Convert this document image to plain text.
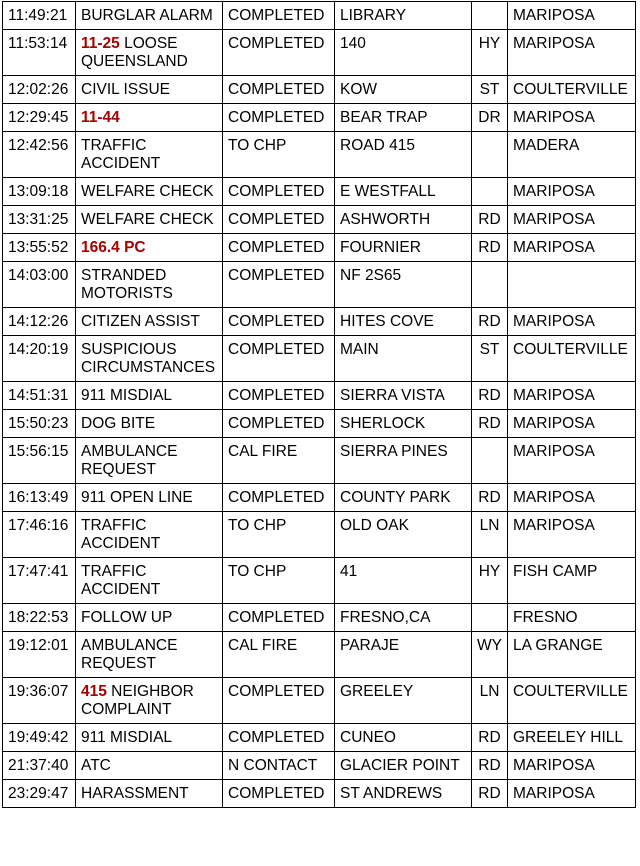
11:49:21	BURGLAR ALARM	COMPLETED	LIBRARY		MARIPOSA
11:53:14	11-25 LOOSE QUEENSLAND	COMPLETED	140	HY	MARIPOSA
12:02:26	CIVIL ISSUE	COMPLETED	KOW	ST	COULTERVILLE
12:29:45	11-44	COMPLETED	BEAR TRAP	DR	MARIPOSA
12:42:56	TRAFFIC ACCIDENT	TO CHP	ROAD 415		MADERA
13:09:18	WELFARE CHECK	COMPLETED	E WESTFALL		MARIPOSA
13:31:25	WELFARE CHECK	COMPLETED	ASHWORTH	RD	MARIPOSA
13:55:52	166.4 PC	COMPLETED	FOURNIER	RD	MARIPOSA
14:03:00	STRANDED MOTORISTS	COMPLETED	NF 2S65		
14:12:26	CITIZEN ASSIST	COMPLETED	HITES COVE	RD	MARIPOSA
14:20:19	SUSPICIOUS CIRCUMSTANCES	COMPLETED	MAIN	ST	COULTERVILLE
14:51:31	911 MISDIAL	COMPLETED	SIERRA VISTA	RD	MARIPOSA
15:50:23	DOG BITE	COMPLETED	SHERLOCK	RD	MARIPOSA
15:56:15	AMBULANCE REQUEST	CAL FIRE	SIERRA PINES		MARIPOSA
16:13:49	911 OPEN LINE	COMPLETED	COUNTY PARK	RD	MARIPOSA
17:46:16	TRAFFIC ACCIDENT	TO CHP	OLD OAK	LN	MARIPOSA
17:47:41	TRAFFIC ACCIDENT	TO CHP	41	HY	FISH CAMP
18:22:53	FOLLOW UP	COMPLETED	FRESNO,CA		FRESNO
19:12:01	AMBULANCE REQUEST	CAL FIRE	PARAJE	WY	LA GRANGE
19:36:07	415 NEIGHBOR COMPLAINT	COMPLETED	GREELEY	LN	COULTERVILLE
19:49:42	911 MISDIAL	COMPLETED	CUNEO	RD	GREELEY HILL
21:37:40	ATC	N CONTACT	GLACIER POINT	RD	MARIPOSA
23:29:47	HARASSMENT	COMPLETED	ST ANDREWS	RD	MARIPOSA
